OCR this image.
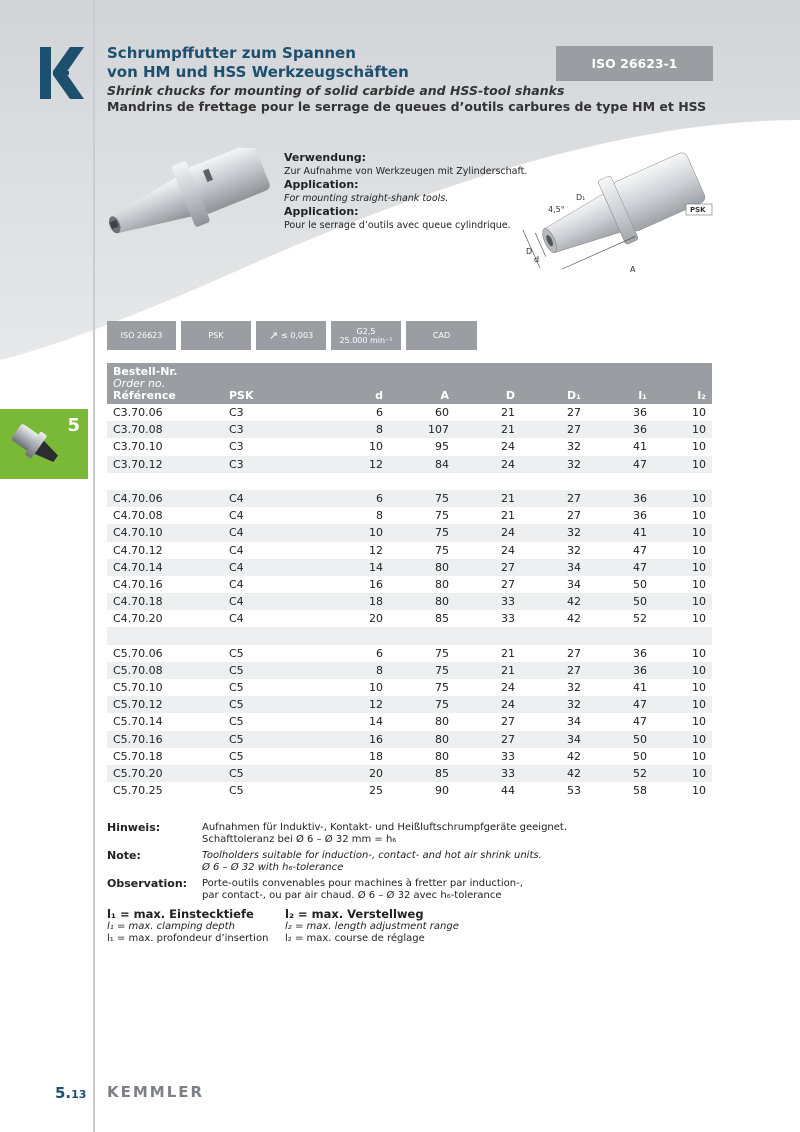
Schrumpffutter zum Spannen
von HM und HSS Werkzeugschäften
Shrink chucks for mounting of solid carbide and HSS-tool shanks
Mandrins de frettage pour le serrage de queues d’outils carbures de type HM et HSS
ISO 26623-1
Verwendung:
Zur Aufnahme von Werkzeugen mit Zylinderschaft.
Application:
For mounting straight-shank tools.
Application:
Pour le serrage d’outils avec queue cylindrique.
4,5°
D₁
PSK
d
D
A
ISO 26623	PSK	↗ ≤ 0,003	G2,5
25.000 min⁻¹	CAD
5
Bestell-Nr.
Order no.
Référence	PSK	d	A	D	D₁	l₁	l₂
C3.70.06	C3	6	60	21	27	36	10
C3.70.08	C3	8	107	21	27	36	10
C3.70.10	C3	10	95	24	32	41	10
C3.70.12	C3	12	84	24	32	47	10

C4.70.06	C4	6	75	21	27	36	10
C4.70.08	C4	8	75	21	27	36	10
C4.70.10	C4	10	75	24	32	41	10
C4.70.12	C4	12	75	24	32	47	10
C4.70.14	C4	14	80	27	34	47	10
C4.70.16	C4	16	80	27	34	50	10
C4.70.18	C4	18	80	33	42	50	10
C4.70.20	C4	20	85	33	42	52	10

C5.70.06	C5	6	75	21	27	36	10
C5.70.08	C5	8	75	21	27	36	10
C5.70.10	C5	10	75	24	32	41	10
C5.70.12	C5	12	75	24	32	47	10
C5.70.14	C5	14	80	27	34	47	10
C5.70.16	C5	16	80	27	34	50	10
C5.70.18	C5	18	80	33	42	50	10
C5.70.20	C5	20	85	33	42	52	10
C5.70.25	C5	25	90	44	53	58	10
Hinweis:	Aufnahmen für Induktiv-, Kontakt- und Heißluftschrumpfgeräte geeignet.
Schafttoleranz bei Ø 6 – Ø 32 mm = h₆
Note:	Toolholders suitable for induction-, contact- and hot air shrink units.
Ø 6 – Ø 32 with h₆-tolerance
Observation:	Porte-outils convenables pour machines à fretter par induction-,
par contact-, ou par air chaud. Ø 6 – Ø 32 avec h₆-tolerance
l₁ = max. Einstecktiefe
l₁ = max. clamping depth
l₁ = max. profondeur d’insertion
l₂ = max. Verstellweg
l₂ = max. length adjustment range
l₂ = max. course de réglage
5.13 KEMMLER
